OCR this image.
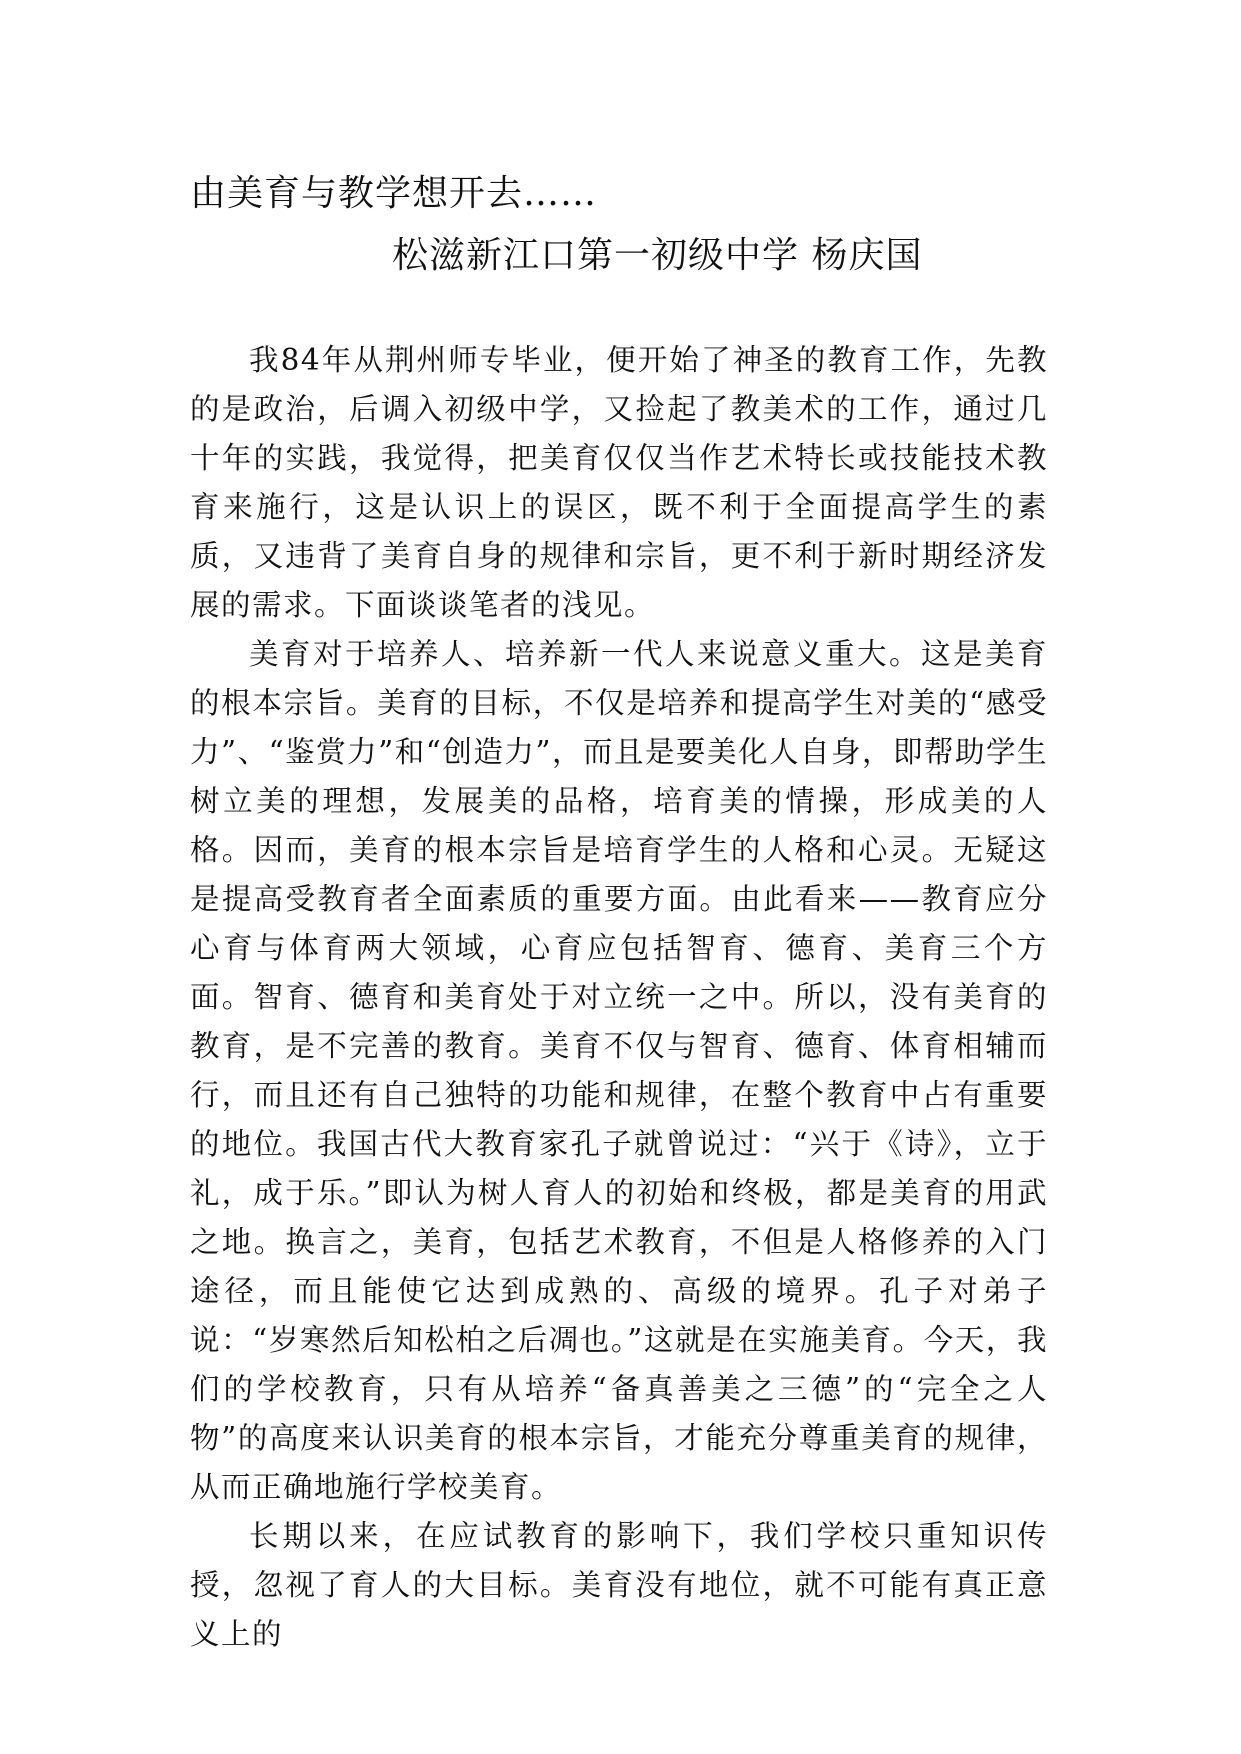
由美育与教学想开去……
松滋新江口第一初级中学 杨庆国

我84年从荆州师专毕业，便开始了神圣的教育工作，先教的是政治，后调入初级中学，又捡起了教美术的工作，通过几十年的实践，我觉得，把美育仅仅当作艺术特长或技能技术教育来施行，这是认识上的误区，既不利于全面提高学生的素质，又违背了美育自身的规律和宗旨，更不利于新时期经济发展的需求。下面谈谈笔者的浅见。

美育对于培养人、培养新一代人来说意义重大。这是美育的根本宗旨。美育的目标，不仅是培养和提高学生对美的“感受力”、“鉴赏力”和“创造力”，而且是要美化人自身，即帮助学生树立美的理想，发展美的品格，培育美的情操，形成美的人格。因而，美育的根本宗旨是培育学生的人格和心灵。无疑这是提高受教育者全面素质的重要方面。由此看来——教育应分心育与体育两大领域，心育应包括智育、德育、美育三个方面。智育、德育和美育处于对立统一之中。所以，没有美育的教育，是不完善的教育。美育不仅与智育、德育、体育相辅而行，而且还有自己独特的功能和规律，在整个教育中占有重要的地位。我国古代大教育家孔子就曾说过：“兴于《诗》，立于礼，成于乐。”即认为树人育人的初始和终极，都是美育的用武之地。换言之，美育，包括艺术教育，不但是人格修养的入门途径，而且能使它达到成熟的、高级的境界。孔子对弟子说：“岁寒然后知松柏之后凋也。”这就是在实施美育。今天，我们的学校教育，只有从培养“备真善美之三德”的“完全之人物”的高度来认识美育的根本宗旨，才能充分尊重美育的规律，从而正确地施行学校美育。

长期以来，在应试教育的影响下，我们学校只重知识传授，忽视了育人的大目标。美育没有地位，就不可能有真正意义上的
